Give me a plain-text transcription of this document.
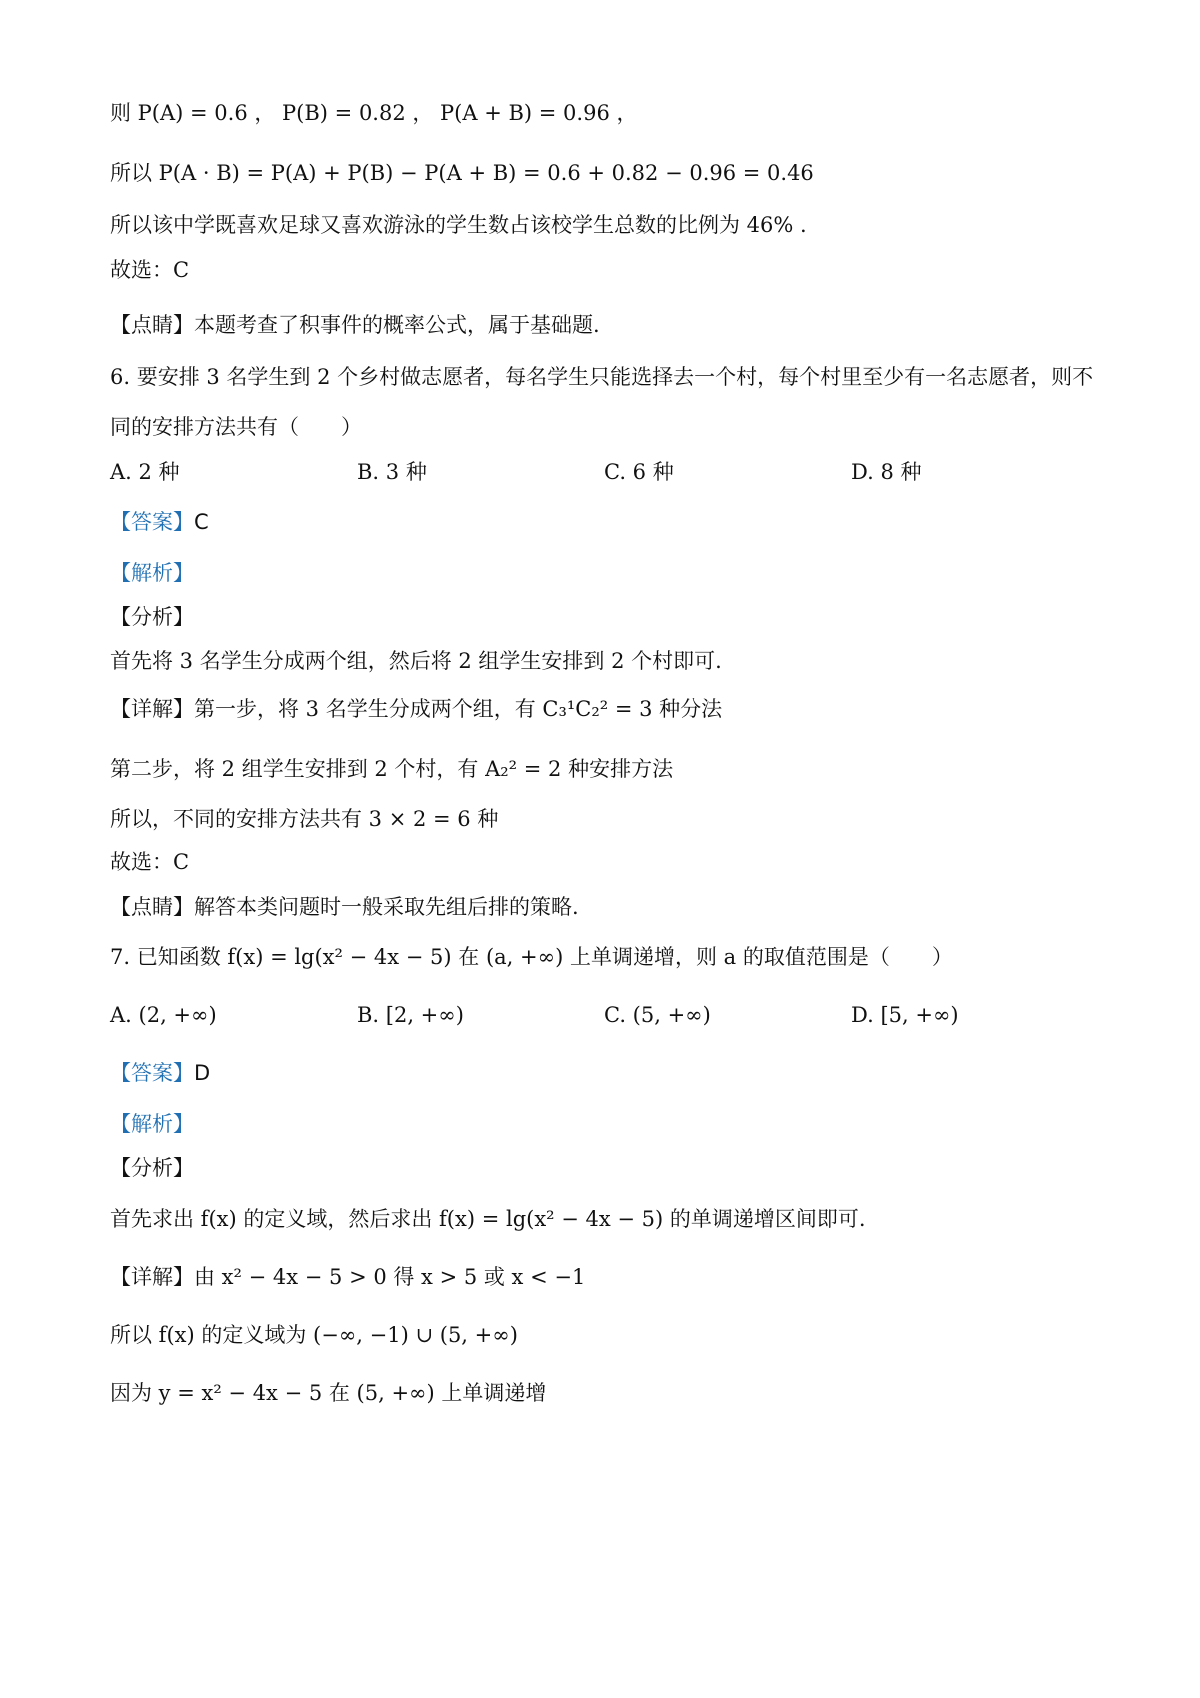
则 P(A) = 0.6 ， P(B) = 0.82 ， P(A + B) = 0.96 ，
所以 P(A · B) = P(A) + P(B) − P(A + B) = 0.6 + 0.82 − 0.96 = 0.46
所以该中学既喜欢足球又喜欢游泳的学生数占该校学生总数的比例为 46% .
故选：C
【点睛】本题考查了积事件的概率公式，属于基础题.
6. 要安排 3 名学生到 2 个乡村做志愿者，每名学生只能选择去一个村，每个村里至少有一名志愿者，则不
同的安排方法共有（　　）
A. 2 种	B. 3 种	C. 6 种	D. 8 种
【答案】C
【解析】
【分析】
首先将 3 名学生分成两个组，然后将 2 组学生安排到 2 个村即可.
【详解】第一步，将 3 名学生分成两个组，有 C₃¹C₂² = 3 种分法
第二步，将 2 组学生安排到 2 个村，有 A₂² = 2 种安排方法
所以，不同的安排方法共有 3 × 2 = 6 种
故选：C
【点睛】解答本类问题时一般采取先组后排的策略.
7. 已知函数 f(x) = lg(x² − 4x − 5) 在 (a, +∞) 上单调递增，则 a 的取值范围是（　　）
A. (2, +∞)	B. [2, +∞)	C. (5, +∞)	D. [5, +∞)
【答案】D
【解析】
【分析】
首先求出 f(x) 的定义域，然后求出 f(x) = lg(x² − 4x − 5) 的单调递增区间即可.
【详解】由 x² − 4x − 5 > 0 得 x > 5 或 x < −1
所以 f(x) 的定义域为 (−∞, −1) ∪ (5, +∞)
因为 y = x² − 4x − 5 在 (5, +∞) 上单调递增
